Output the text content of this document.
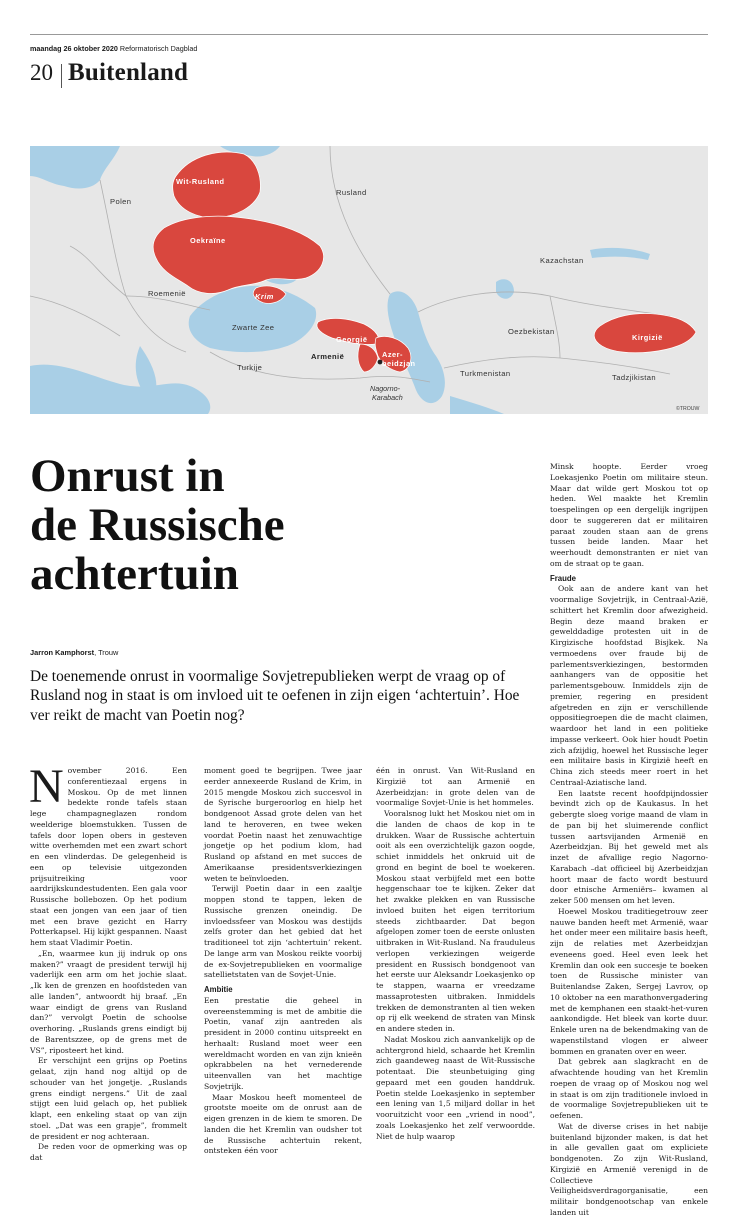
maandag 26 oktober 2020 Reformatorisch Dagblad
20 Buitenland
Wit-Rusland
Polen
Rusland
Oekraïne
Kazachstan
Roemenië	Krim
Zwarte Zee
Georgië
Oezbekistan
Kirgizië
Armenië	Azer-
beidzjan
Turkije
Turkmenistan	Tadzjikistan
Nagorno-
Karabach
©TROUW
Onrust in
de Russische
achtertuin
Jarron Kamphorst, Trouw

De toenemende onrust in voormalige Sovjetrepublieken werpt de vraag op of Rusland nog in staat is om invloed uit te oefenen in zijn eigen ‘achtertuin’. Hoe ver reikt de macht van Poetin nog?

November 2016. Een conferentiezaal ergens in Moskou. Op de met linnen bedekte ronde tafels staan lege champagneglazen rondom weelderige bloemstukken. Tussen de tafels door lopen obers in gesteven witte overhemden met een zwart schort en een vlinderdas. De gelegenheid is een op televisie uitgezonden prijsuitreiking voor aardrijkskundestudenten. Een gala voor Russische bollebozen. Op het podium staat een jongen van een jaar of tien met een brave gezicht en Harry Potterkapsel. Hij kijkt gespannen. Naast hem staat Vladimir Poetin.

„En, waarmee kun jij indruk op ons maken?” vraagt de president terwijl hij vaderlijk een arm om het jochie slaat. „Ik ken de grenzen en hoofdsteden van alle landen”, antwoordt hij braaf. „En waar eindigt de grens van Rusland dan?” vervolgt Poetin de schoolse overhoring. „Ruslands grens eindigt bij de Barentszzee, op de grens met de VS”, riposteert het kind.

Er verschijnt een grijns op Poetins gelaat, zijn hand nog altijd op de schouder van het jongetje. „Ruslands grens eindigt nergens.” Uit de zaal stijgt een luid gelach op, het publiek klapt, een enkeling staat op van zijn stoel. „Dat was een grapje”, frommelt de president er nog achteraan.

De reden voor de opmerking was op dat

moment goed te begrijpen. Twee jaar eerder annexeerde Rusland de Krim, in 2015 mengde Moskou zich succesvol in de Syrische burgeroorlog en hielp het bondgenoot Assad grote delen van het land te heroveren, en twee weken voordat Poetin naast het zenuwachtige jongetje op het podium klom, had Rusland op afstand en met succes de Amerikaanse presidentsverkiezingen weten te beïnvloeden.

Terwijl Poetin daar in een zaaltje moppen stond te tappen, leken de Russische grenzen oneindig. De invloedssfeer van Moskou was destijds zelfs groter dan het gebied dat het traditioneel tot zijn ‘achtertuin’ rekent. De lange arm van Moskou reikte voorbij de ex-Sovjetrepublieken en voormalige satellietstaten van de Sovjet-Unie.

Ambitie

Een prestatie die geheel in overeenstemming is met de ambitie die Poetin, vanaf zijn aantreden als president in 2000 continu uitspreekt en herhaalt: Rusland moet weer een wereldmacht worden en van zijn knieën opkrabbelen na het vernederende uiteenvallen van het machtige Sovjetrijk.

Maar Moskou heeft momenteel de grootste moeite om de onrust aan de eigen grenzen in de kiem te smoren. De landen die het Kremlin van oudsher tot de Russische achtertuin rekent, ontsteken één voor

één in onrust. Van Wit-Rusland en Kirgizië tot aan Armenië en Azerbeidzjan: in grote delen van de voormalige Sovjet-Unie is het hommeles.

Vooralsnog lukt het Moskou niet om in die landen de chaos de kop in te drukken. Waar de Russische achtertuin ooit als een overzichtelijk gazon oogde, schiet inmiddels het onkruid uit de grond en begint de boel te woekeren. Moskou staat verbijfeld met een botte heggenschaar toe te kijken. Zeker dat het zwakke plekken en van Russische invloed buiten het eigen territorium steeds zichtbaarder. Dat begon afgelopen zomer toen de eerste onlusten uitbraken in Wit-Rusland. Na frauduleus verlopen verkiezingen weigerde president en Russisch bondgenoot van het eerste uur Aleksandr Loekasjenko op te stappen, waarna er vreedzame massaprotesten uitbraken. Inmiddels trekken de demonstranten al tien weken op rij elk weekend de straten van Minsk en andere steden in.

Nadat Moskou zich aanvankelijk op de achtergrond hield, schaarde het Kremlin zich gaandeweg naast de Wit-Russische potentaat. Die steunbetuiging ging gepaard met een gouden handdruk. Poetin stelde Loekasjenko in september een lening van 1,5 miljard dollar in het vooruitzicht voor een „vriend in nood”, zoals Loekasjenko het zelf verwoordde. Niet de hulp waarop

Minsk hoopte. Eerder vroeg Loekasjenko Poetin om militaire steun. Maar dat wilde gert Moskou tot op heden. Wel maakte het Kremlin toespelingen op een dergelijk ingrijpen door te suggereren dat er militairen paraat zouden staan aan de grens tussen beide landen. Maar het weerhoudt demonstranten er niet van om de straat op te gaan.

Fraude

Ook aan de andere kant van het voormalige Sovjetrijk, in Centraal-Azië, schittert het Kremlin door afwezigheid. Begin deze maand braken er gewelddadige protesten uit in de Kirgizische hoofdstad Bisjkek. Na vermoedens over fraude bij de parlementsverkiezingen, bestormden aanhangers van de oppositie het parlementsgebouw. Inmiddels zijn de premier, regering en president afgetreden en zijn er verschillende oppositiegroepen die de macht claimen, waardoor het land in een politieke impasse verkeert. Ook hier houdt Poetin zich afzijdig, hoewel het Russische leger een militaire basis in Kirgizië heeft en China zich steeds meer roert in het Centraal-Aziatische land.

Een laatste recent hoofdpijndossier bevindt zich op de Kaukasus. In het gebergte sloeg vorige maand de vlam in de pan bij het sluimerende conflict tussen aartsvijanden Armenië en Azerbeidzjan. Bij het geweld met als inzet de afvallige regio Nagorno-Karabach –dat officieel bij Azerbeidzjan hoort maar de facto wordt bestuurd door etnische Armeniërs– kwamen al zeker 500 mensen om het leven.

Hoewel Moskou traditiegetrouw zeer nauwe banden heeft met Armenië, waar het onder meer een militaire basis heeft, zijn de relaties met Azerbeidzjan eveneens goed. Heel even leek het Kremlin dan ook een succesje te boeken toen de Russische minister van Buitenlandse Zaken, Sergej Lavrov, op 10 oktober na een marathonvergadering met de kemphanen een staakt-het-vuren aankondigde. Het bleek van korte duur. Enkele uren na de bekendmaking van de wapenstilstand vlogen er alweer bommen en granaten over en weer.

Dat gebrek aan slagkracht en de afwachtende houding van het Kremlin roepen de vraag op of Moskou nog wel in staat is om zijn traditionele invloed in de voormalige Sovjetrepublieken uit te oefenen.

Wat de diverse crises in het nabije buitenland bijzonder maken, is dat het in alle gevallen gaat om expliciete bondgenoten. Zo zijn Wit-Rusland, Kirgizië en Armenië verenigd in de Collectieve Veiligheidsverdragorganisatie, een militair bondgenootschap van enkele landen uit
